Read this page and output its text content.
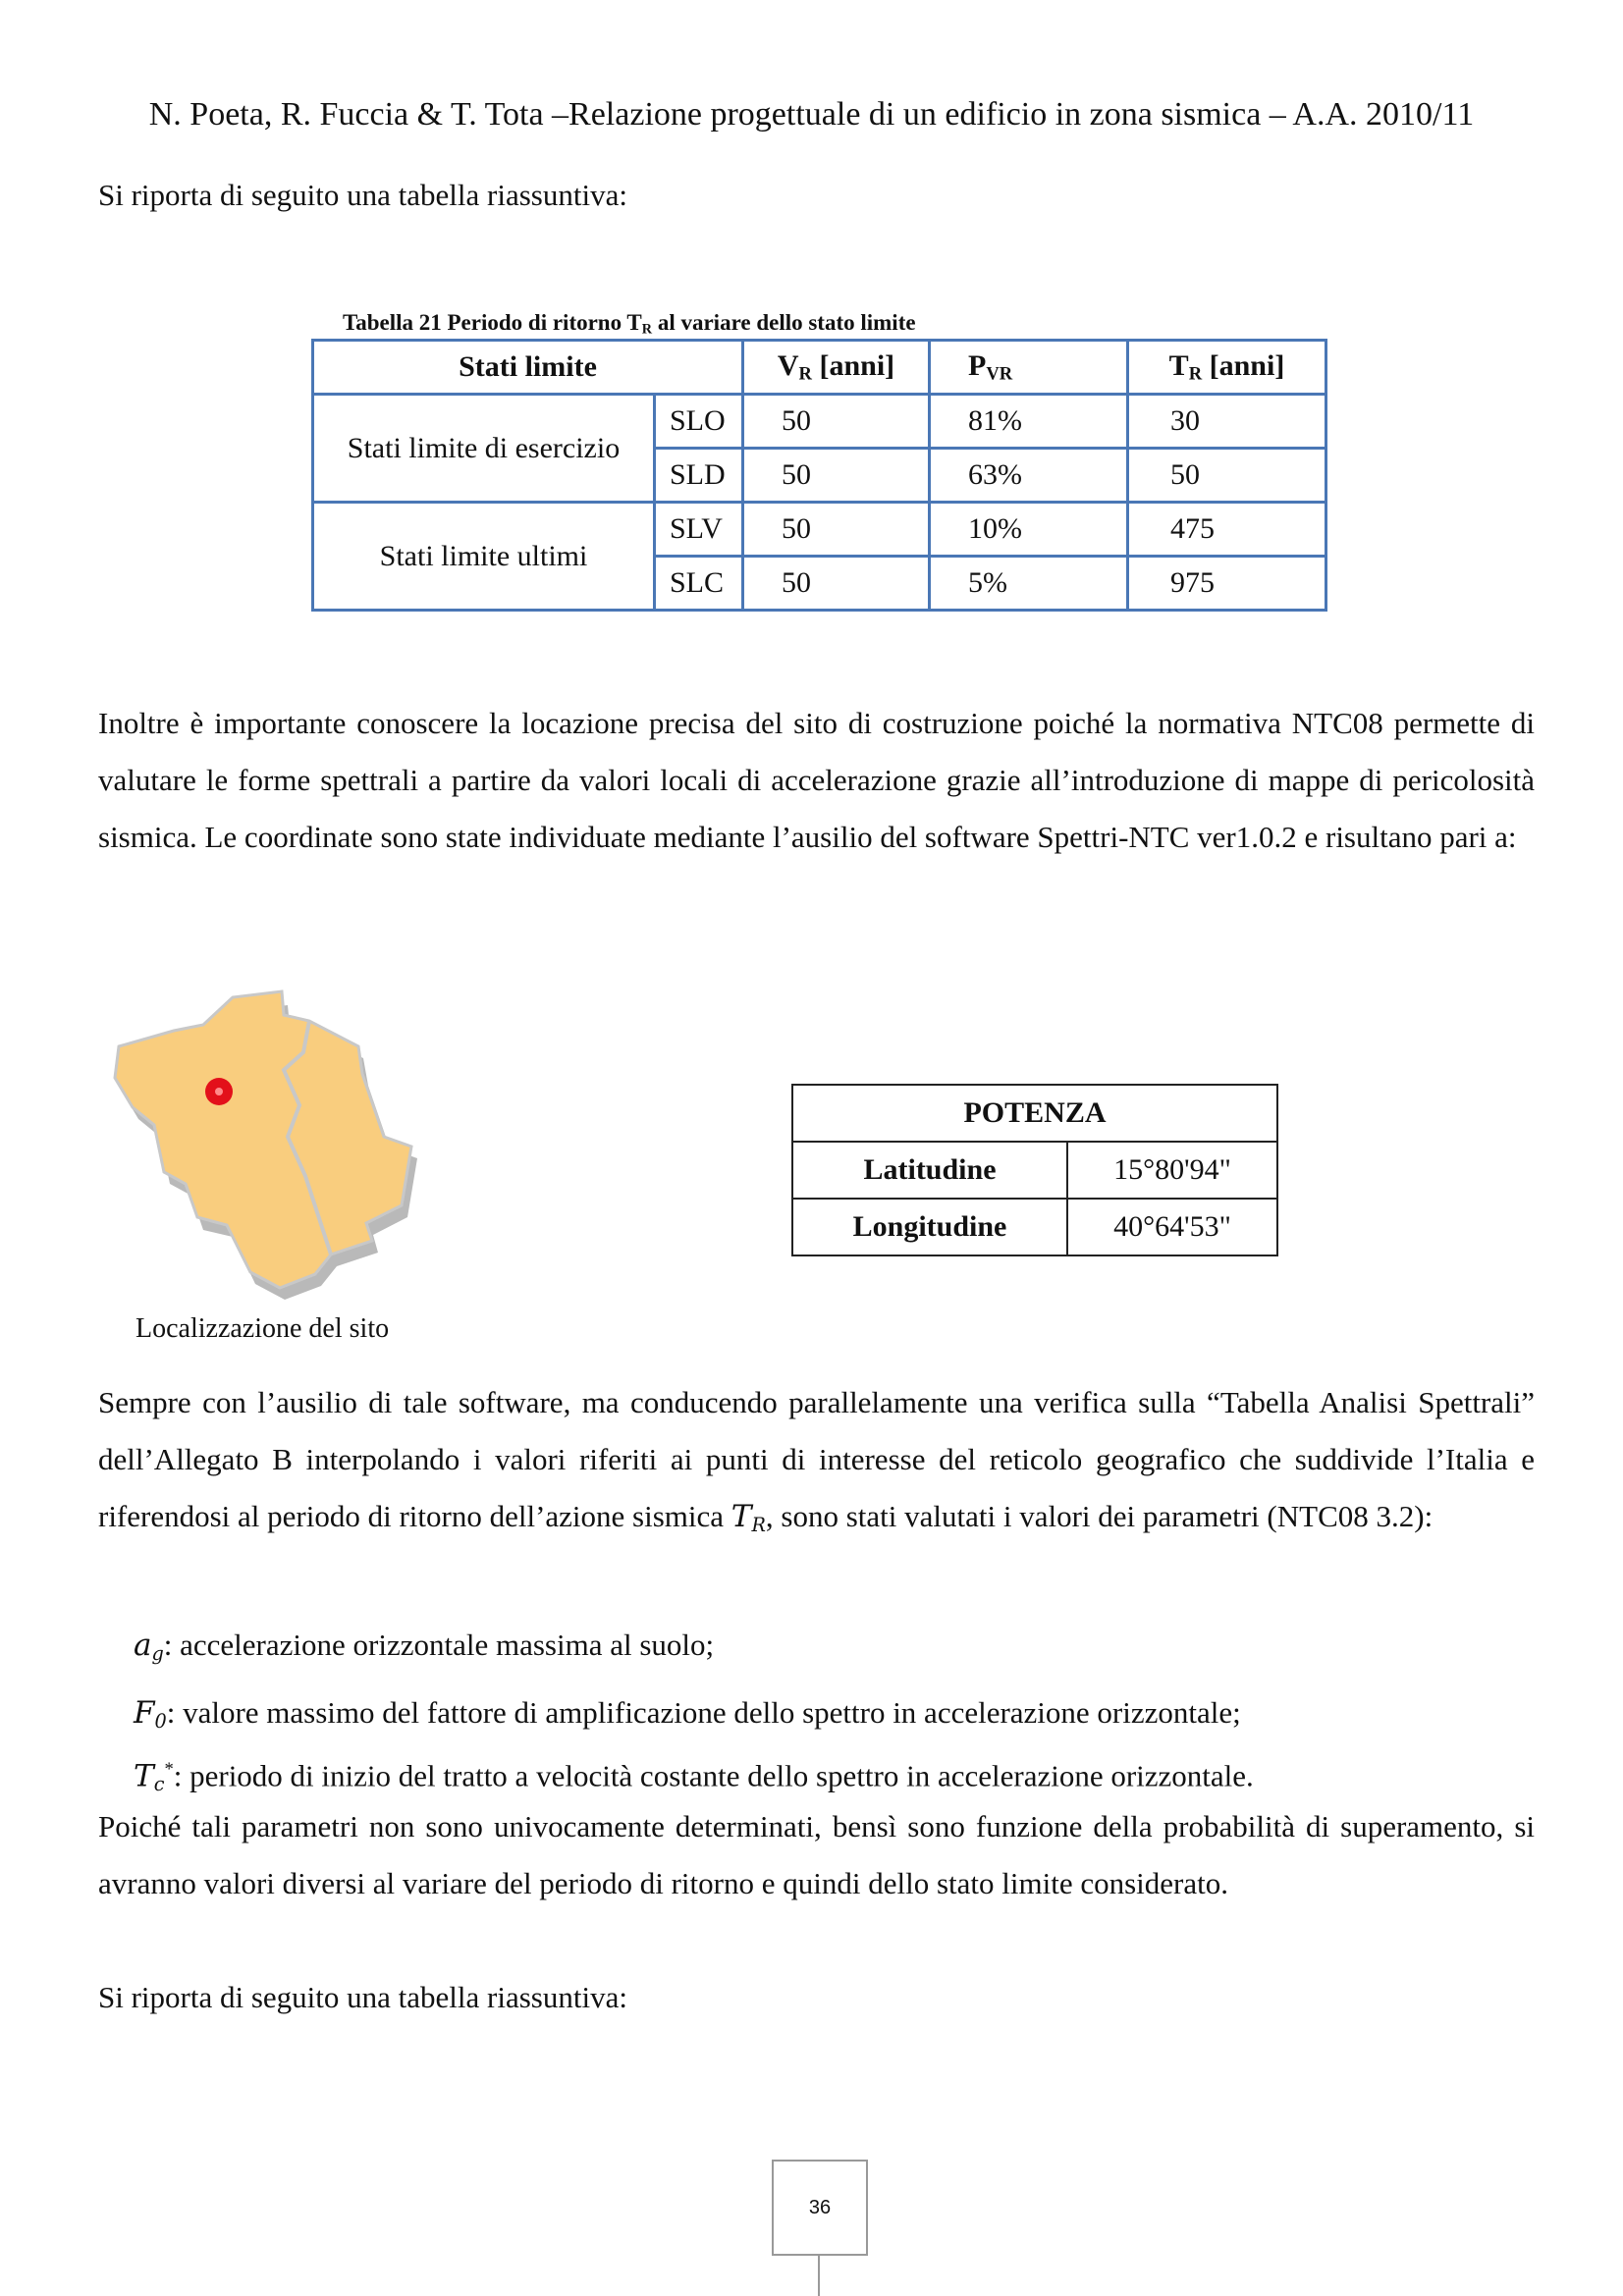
N. Poeta, R. Fuccia & T. Tota –Relazione progettuale di un edificio in zona sismica – A.A. 2010/11
Si riporta di seguito una tabella riassuntiva:
Tabella 21 Periodo di ritorno $T_R$ al variare dello stato limite
Stati limite		$V_R$ [anni]	$P_{VR}$	$T_R$ [anni]
Stati limite di esercizio	SLO	50	81%	30
	SLD	50	63%	50
Stati limite ultimi	SLV	50	10%	475
	SLC	50	5%	975
Inoltre è importante conoscere la locazione precisa del sito di costruzione poiché la normativa NTC08 permette di valutare le forme spettrali a partire da valori locali di accelerazione grazie all’introduzione di mappe di pericolosità sismica. Le coordinate sono state individuate mediante l’ausilio del software Spettri-NTC ver1.0.2 e risultano pari a:
Localizzazione del sito
POTENZA	
Latitudine	15°80'94"
Longitudine	40°64'53"
Sempre con l’ausilio di tale software, ma conducendo parallelamente una verifica sulla “Tabella Analisi Spettrali” dell’Allegato B interpolando i valori riferiti ai punti di interesse del reticolo geografico che suddivide l’Italia e riferendosi al periodo di ritorno dell’azione sismica $T_R$, sono stati valutati i valori dei parametri (NTC08 3.2):
$a_g$: accelerazione orizzontale massima al suolo;
$F_0$: valore massimo del fattore di amplificazione dello spettro in accelerazione orizzontale;
$T_c^*$: periodo di inizio del tratto a velocità costante dello spettro in accelerazione orizzontale.
Poiché tali parametri non sono univocamente determinati, bensì sono funzione della probabilità di superamento, si avranno valori diversi al variare del periodo di ritorno e quindi dello stato limite considerato.
Si riporta di seguito una tabella riassuntiva:
36
